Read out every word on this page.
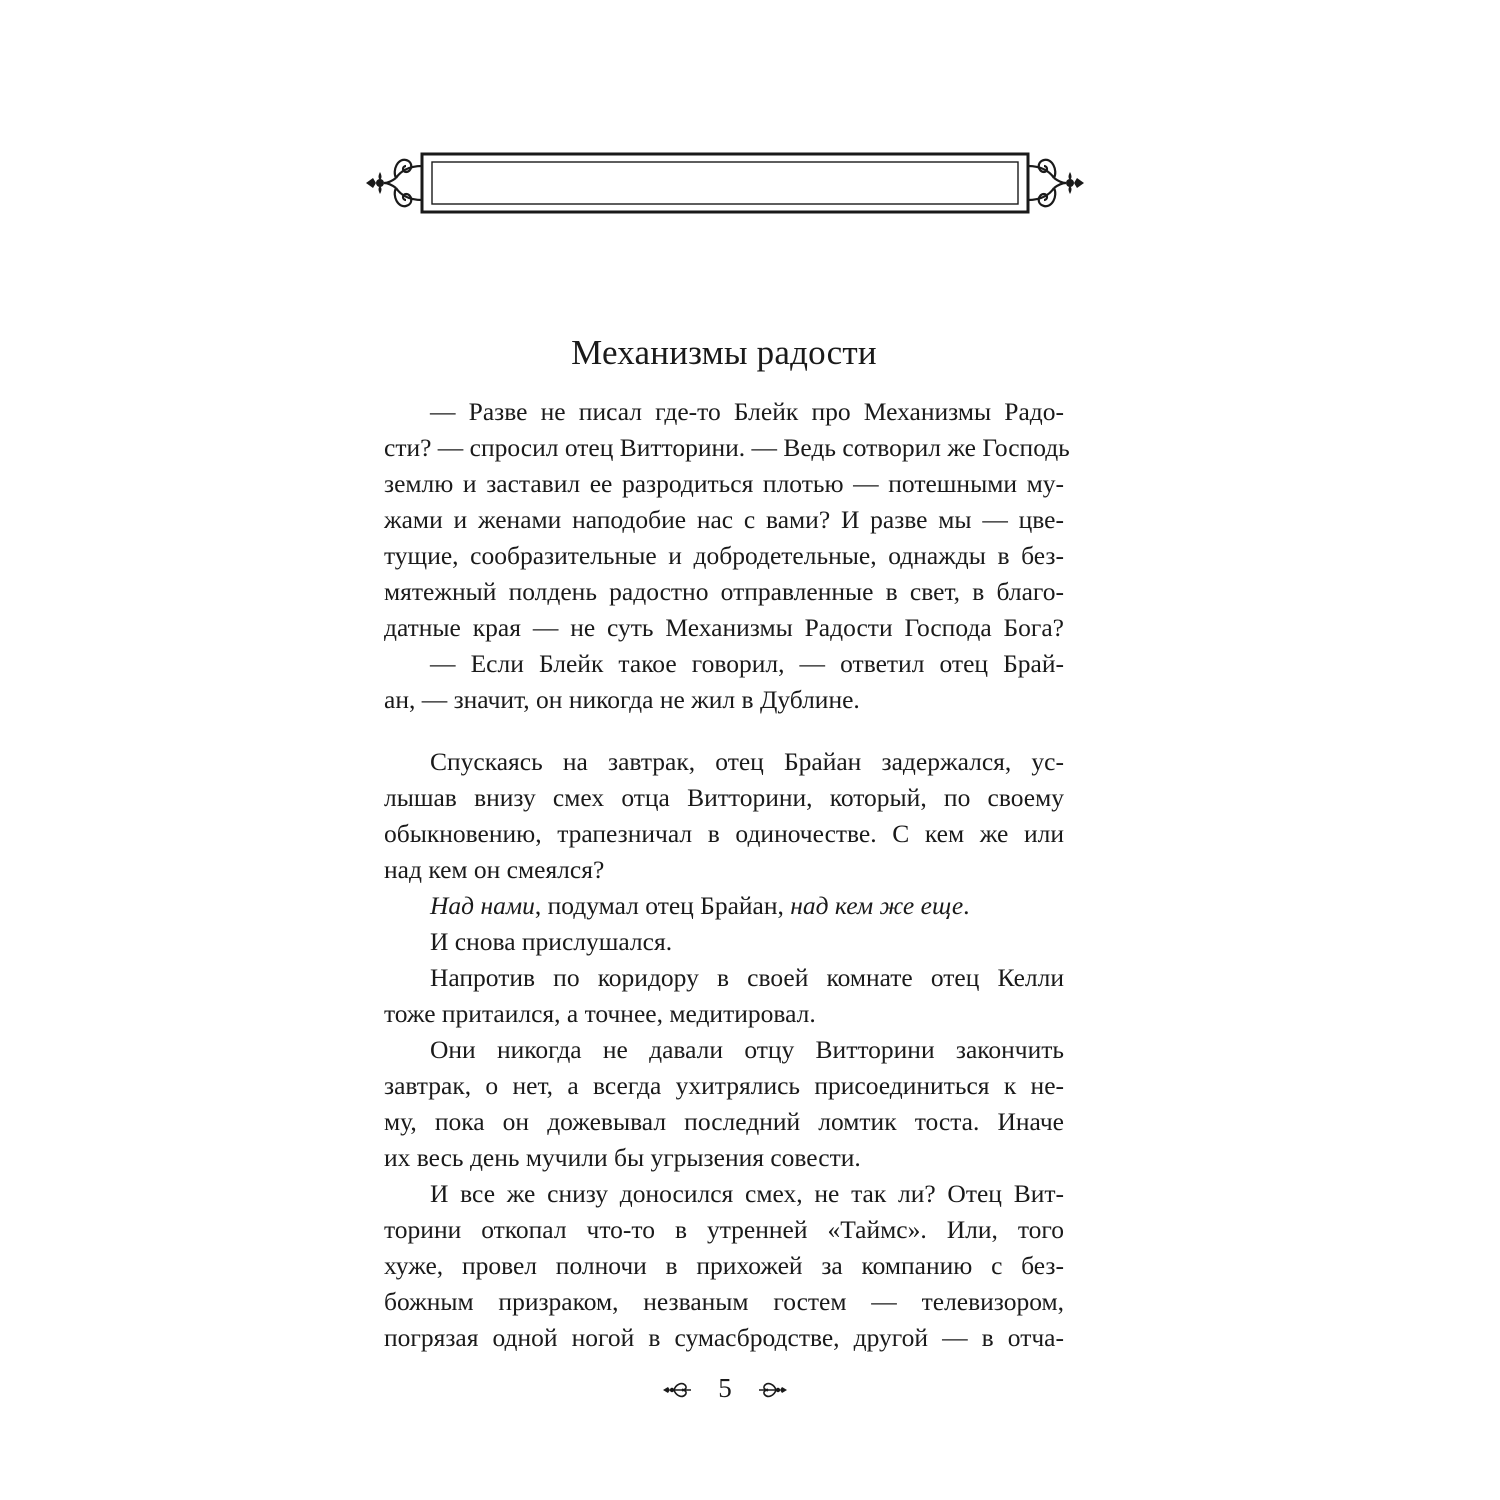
Механизмы радости
— Разве не писал где-то Блейк про Механизмы Радо-
сти? — спросил отец Витторини. — Ведь сотворил же Господь
землю и заставил ее разродиться плотью — потешными му-
жами и женами наподобие нас с вами? И разве мы — цве-
тущие, сообразительные и добродетельные, однажды в без-
мятежный полдень радостно отправленные в свет, в благо-
датные края — не суть Механизмы Радости Господа Бога?
— Если Блейк такое говорил, — ответил отец Брай-
ан, — значит, он никогда не жил в Дублине.
Спускаясь на завтрак, отец Брайан задержался, ус-
лышав внизу смех отца Витторини, который, по своему
обыкновению, трапезничал в одиночестве. С кем же или
над кем он смеялся?
Над нами, подумал отец Брайан, над кем же еще.
И снова прислушался.
Напротив по коридору в своей комнате отец Келли
тоже притаился, а точнее, медитировал.
Они никогда не давали отцу Витторини закончить
завтрак, о нет, а всегда ухитрялись присоединиться к не-
му, пока он дожевывал последний ломтик тоста. Иначе
их весь день мучили бы угрызения совести.
И все же снизу доносился смех, не так ли? Отец Вит-
торини откопал что-то в утренней «Таймс». Или, того
хуже, провел полночи в прихожей за компанию с без-
божным призраком, незваным гостем — телевизором,
погрязая одной ногой в сумасбродстве, другой — в отча-
5
